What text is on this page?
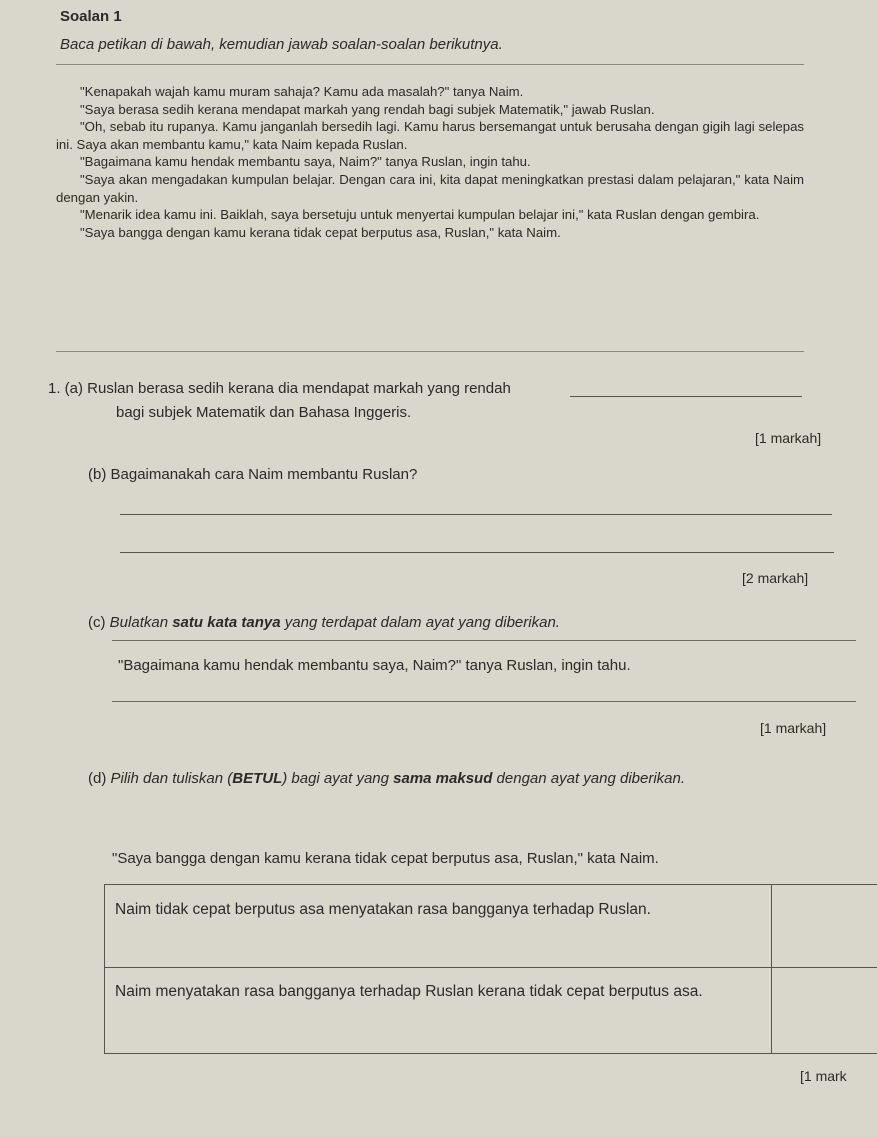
Soalan 1
Baca petikan di bawah, kemudian jawab soalan-soalan berikutnya.

"Kenapakah wajah kamu muram sahaja? Kamu ada masalah?" tanya Naim.

"Saya berasa sedih kerana mendapat markah yang rendah bagi subjek Matematik," jawab Ruslan.

"Oh, sebab itu rupanya. Kamu janganlah bersedih lagi. Kamu harus bersemangat untuk berusaha dengan gigih lagi selepas ini. Saya akan membantu kamu," kata Naim kepada Ruslan.

"Bagaimana kamu hendak membantu saya, Naim?" tanya Ruslan, ingin tahu.

"Saya akan mengadakan kumpulan belajar. Dengan cara ini, kita dapat meningkatkan prestasi dalam pelajaran," kata Naim dengan yakin.

"Menarik idea kamu ini. Baiklah, saya bersetuju untuk menyertai kumpulan belajar ini," kata Ruslan dengan gembira.

"Saya bangga dengan kamu kerana tidak cepat berputus asa, Ruslan," kata Naim.

1. (a) Ruslan berasa sedih kerana dia mendapat markah yang rendah
bagi subjek Matematik dan Bahasa Inggeris.
[1 markah]
(b) Bagaimanakah cara Naim membantu Ruslan?
[2 markah]
(c) Bulatkan satu kata tanya yang terdapat dalam ayat yang diberikan.
"Bagaimana kamu hendak membantu saya, Naim?" tanya Ruslan, ingin tahu.
[1 markah]
(d) Pilih dan tuliskan (BETUL) bagi ayat yang sama maksud dengan ayat yang diberikan.
"Saya bangga dengan kamu kerana tidak cepat berputus asa, Ruslan," kata Naim.
Naim tidak cepat berputus asa menyatakan rasa bangganya terhadap Ruslan.
Naim menyatakan rasa bangganya terhadap Ruslan kerana tidak cepat berputus asa.
[1 mark
